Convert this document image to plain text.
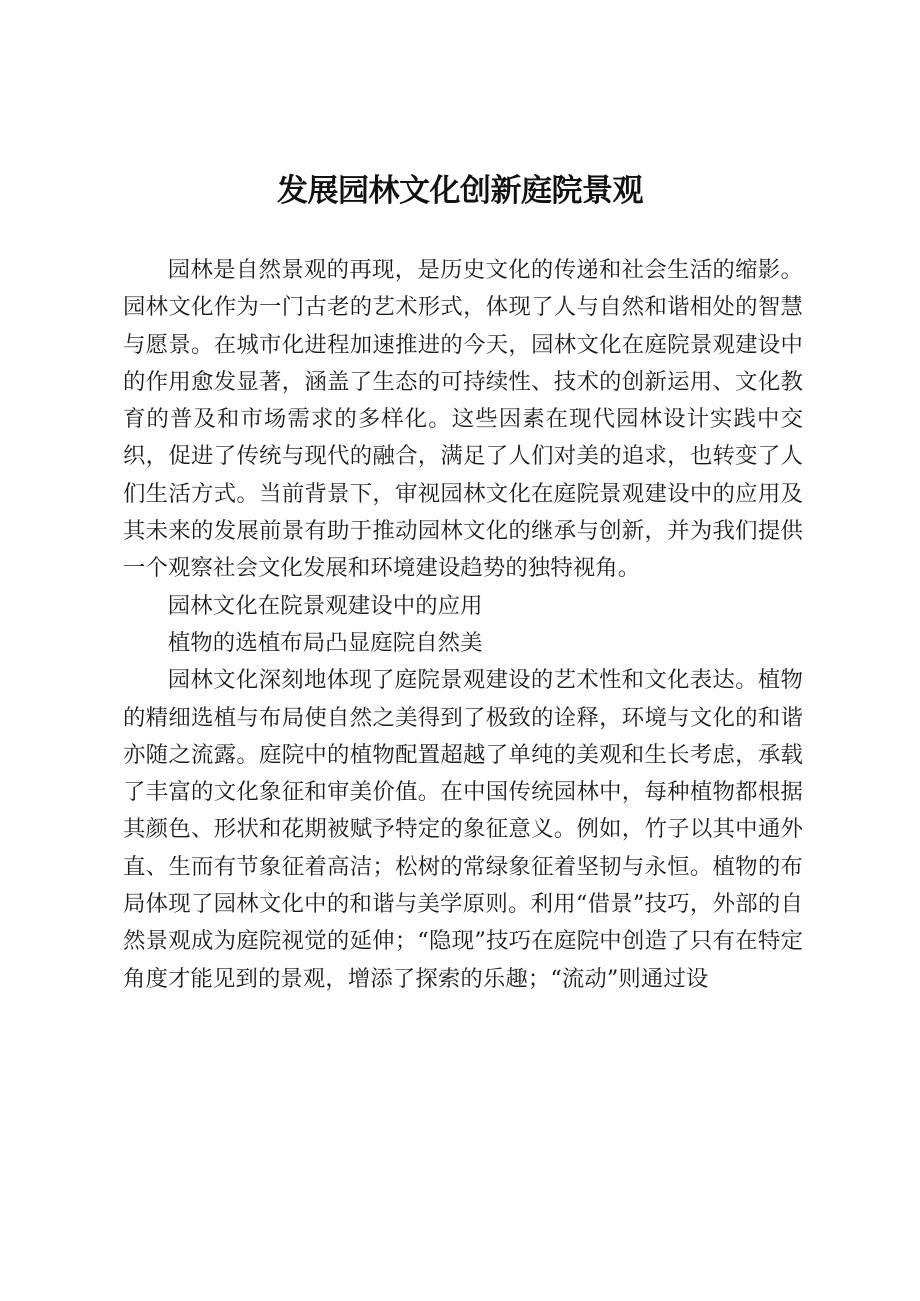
发展园林文化创新庭院景观

园林是自然景观的再现，是历史文化的传递和社会生活的缩影。园林文化作为一门古老的艺术形式，体现了人与自然和谐相处的智慧与愿景。在城市化进程加速推进的今天，园林文化在庭院景观建设中的作用愈发显著，涵盖了生态的可持续性、技术的创新运用、文化教育的普及和市场需求的多样化。这些因素在现代园林设计实践中交织，促进了传统与现代的融合，满足了人们对美的追求，也转变了人们生活方式。当前背景下，审视园林文化在庭院景观建设中的应用及其未来的发展前景有助于推动园林文化的继承与创新，并为我们提供一个观察社会文化发展和环境建设趋势的独特视角。

园林文化在院景观建设中的应用

植物的选植布局凸显庭院自然美

园林文化深刻地体现了庭院景观建设的艺术性和文化表达。植物的精细选植与布局使自然之美得到了极致的诠释，环境与文化的和谐亦随之流露。庭院中的植物配置超越了单纯的美观和生长考虑，承载了丰富的文化象征和审美价值。在中国传统园林中，每种植物都根据其颜色、形状和花期被赋予特定的象征意义。例如，竹子以其中通外直、生而有节象征着高洁；松树的常绿象征着坚韧与永恒。植物的布局体现了园林文化中的和谐与美学原则。利用“借景”技巧，外部的自然景观成为庭院视觉的延伸；“隐现”技巧在庭院中创造了只有在特定角度才能见到的景观，增添了探索的乐趣；“流动”则通过设
